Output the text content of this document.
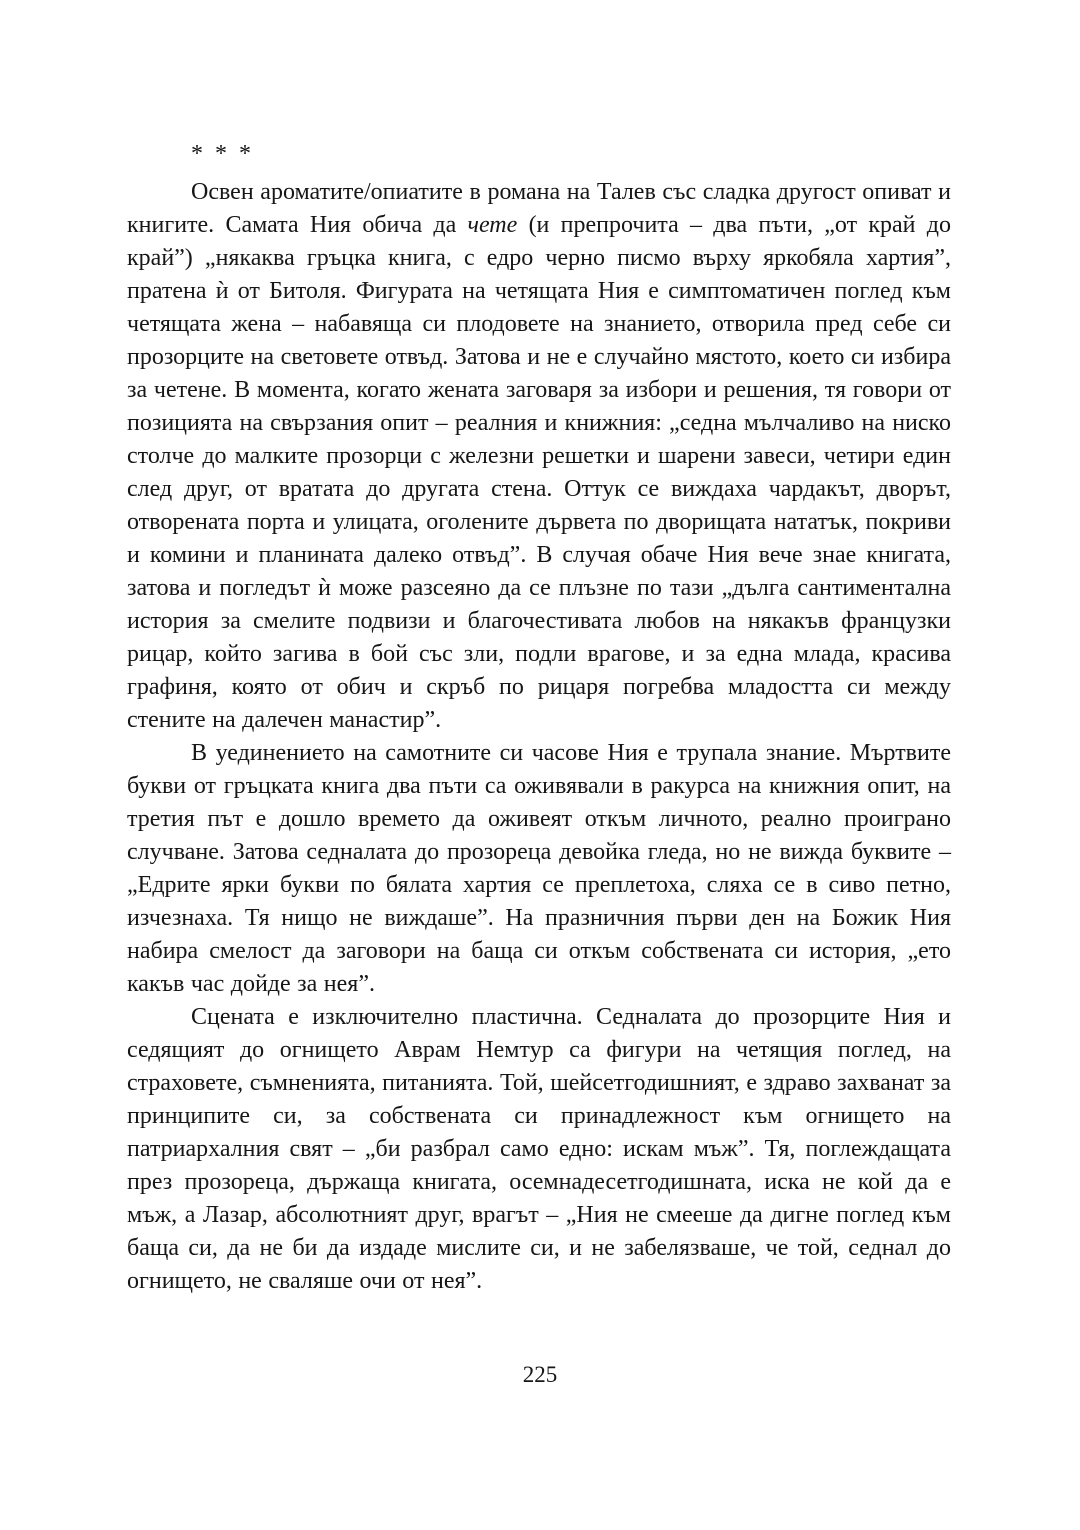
* * *

Освен ароматите/опиатите в романа на Талев със сладка другост опиват и книгите. Самата Ния обича да чете (и препрочита – два пъти, „от край до край”) „някаква гръцка книга, с едро черно писмо върху яркобяла хартия”, пратена ѝ от Битоля. Фигурата на четящата Ния е симптоматичен поглед към четящата жена – набавяща си плодовете на знанието, отворила пред себе си прозорците на световете отвъд. Затова и не е случайно мястото, което си избира за четене. В момента, когато жената заговаря за избори и решения, тя говори от позицията на свързания опит – реалния и книжния: „седна мълчаливо на ниско столче до малките прозорци с железни решетки и шарени завеси, четири един след друг, от вратата до другата стена. Оттук се виждаха чардакът, дворът, отворената порта и улицата, оголените дървета по дворищата нататък, покриви и комини и планината далеко отвъд”. В случая обаче Ния вече знае книгата, затова и погледът ѝ може разсеяно да се плъзне по тази „дълга сантиментална история за смелите подвизи и благочестивата любов на някакъв французки рицар, който загива в бой със зли, подли врагове, и за една млада, красива графиня, която от обич и скръб по рицаря погребва младостта си между стените на далечен манастир”.

В уединението на самотните си часове Ния е трупала знание. Мъртвите букви от гръцката книга два пъти са оживявали в ракурса на книжния опит, на третия път е дошло времето да оживеят откъм личното, реално проиграно случване. Затова седналата до прозореца девойка гледа, но не вижда буквите – „Едрите ярки букви по бялата хартия се преплетоха, сляха се в сиво петно, изчезнаха. Тя нищо не виждаше”. На празничния първи ден на Божик Ния набира смелост да заговори на баща си откъм собствената си история, „ето какъв час дойде за нея”.

Сцената е изключително пластична. Седналата до прозорците Ния и седящият до огнището Аврам Немтур са фигури на четящия поглед, на страховете, съмненията, питанията. Той, шейсетгодишният, е здраво захванат за принципите си, за собствената си принадлежност към огнището на патриархалния свят – „би разбрал само едно: искам мъж”. Тя, поглеждащата през прозореца, държаща книгата, осемнадесетгодишната, иска не кой да е мъж, а Лазар, абсолютният друг, врагът – „Ния не смееше да дигне поглед към баща си, да не би да издаде мислите си, и не забелязваше, че той, седнал до огнището, не сваляше очи от нея”.

225
